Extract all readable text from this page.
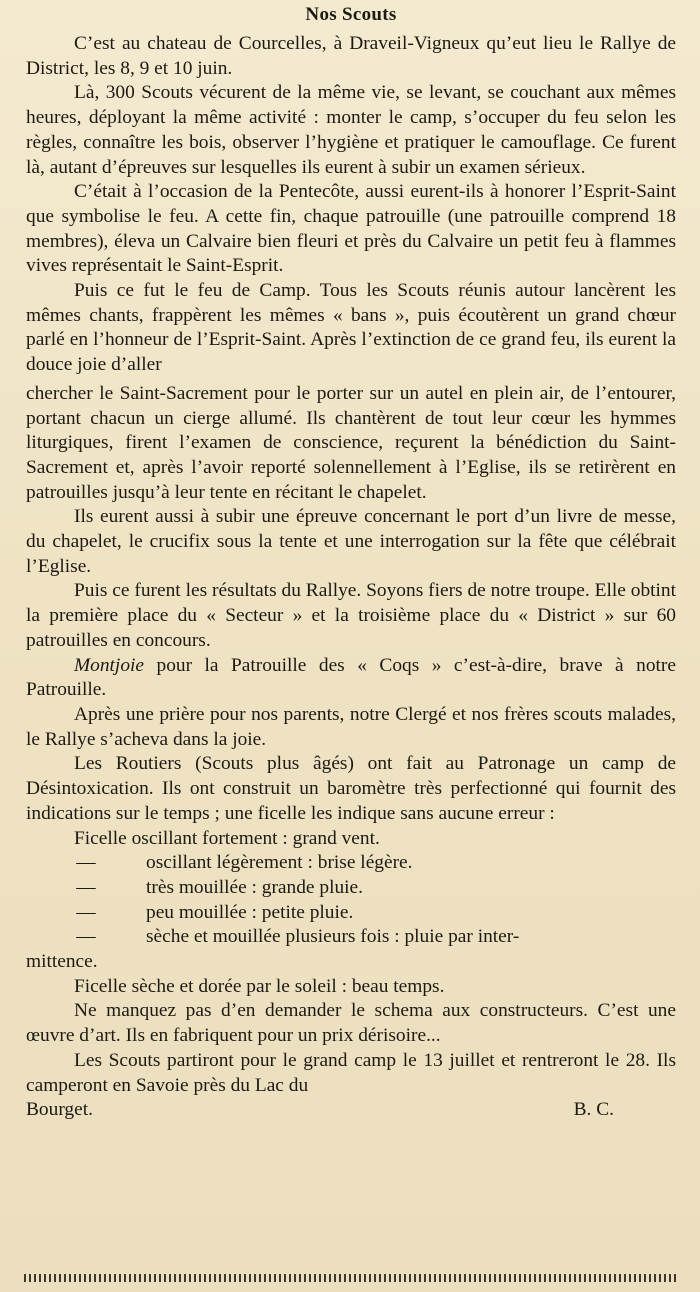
Nos Scouts

C’est au chateau de Courcelles, à Draveil-Vigneux qu’eut lieu le Rallye de District, les 8, 9 et 10 juin.

Là, 300 Scouts vécurent de la même vie, se levant, se couchant aux mêmes heures, déployant la même activité : monter le camp, s’occuper du feu selon les règles, connaître les bois, observer l’hygiène et pratiquer le camouflage. Ce furent là, autant d’épreuves sur lesquelles ils eurent à subir un examen sérieux.

C’était à l’occasion de la Pentecôte, aussi eurent-ils à honorer l’Esprit-Saint que symbolise le feu. A cette fin, chaque patrouille (une patrouille comprend 18 membres), éleva un Calvaire bien fleuri et près du Calvaire un petit feu à flammes vives représentait le Saint-Esprit.

Puis ce fut le feu de Camp. Tous les Scouts réunis autour lancèrent les mêmes chants, frappèrent les mêmes « bans », puis écoutèrent un grand chœur parlé en l’honneur de l’Esprit-Saint. Après l’extinction de ce grand feu, ils eurent la douce joie d’aller

chercher le Saint-Sacrement pour le porter sur un autel en plein air, de l’entourer, portant chacun un cierge allumé. Ils chantèrent de tout leur cœur les hymmes liturgiques, firent l’examen de conscience, reçurent la bénédiction du Saint-Sacrement et, après l’avoir reporté solennellement à l’Eglise, ils se retirèrent en patrouilles jusqu’à leur tente en récitant le chapelet.

Ils eurent aussi à subir une épreuve concernant le port d’un livre de messe, du chapelet, le crucifix sous la tente et une interrogation sur la fête que célébrait l’Eglise.

Puis ce furent les résultats du Rallye. Soyons fiers de notre troupe. Elle obtint la première place du « Secteur » et la troisième place du « District » sur 60 patrouilles en concours.

Montjoie pour la Patrouille des « Coqs » c’est-à-dire, brave à notre Patrouille.

Après une prière pour nos parents, notre Clergé et nos frères scouts malades, le Rallye s’acheva dans la joie.

Les Routiers (Scouts plus âgés) ont fait au Patronage un camp de Désintoxication. Ils ont construit un baromètre très perfectionné qui fournit des indications sur le temps ; une ficelle les indique sans aucune erreur :

Ficelle oscillant fortement : grand vent.
—	oscillant légèrement : brise légère.
—	très mouillée : grande pluie.
—	peu mouillée : petite pluie.
—	sèche et mouillée plusieurs fois : pluie par inter-
mittence.

Ficelle sèche et dorée par le soleil : beau temps.

Ne manquez pas d’en demander le schema aux constructeurs. C’est une œuvre d’art. Ils en fabriquent pour un prix dérisoire...

Les Scouts partiront pour le grand camp le 13 juillet et rentreront le 28. Ils camperont en Savoie près du Lac du

Bourget.	B. C.
